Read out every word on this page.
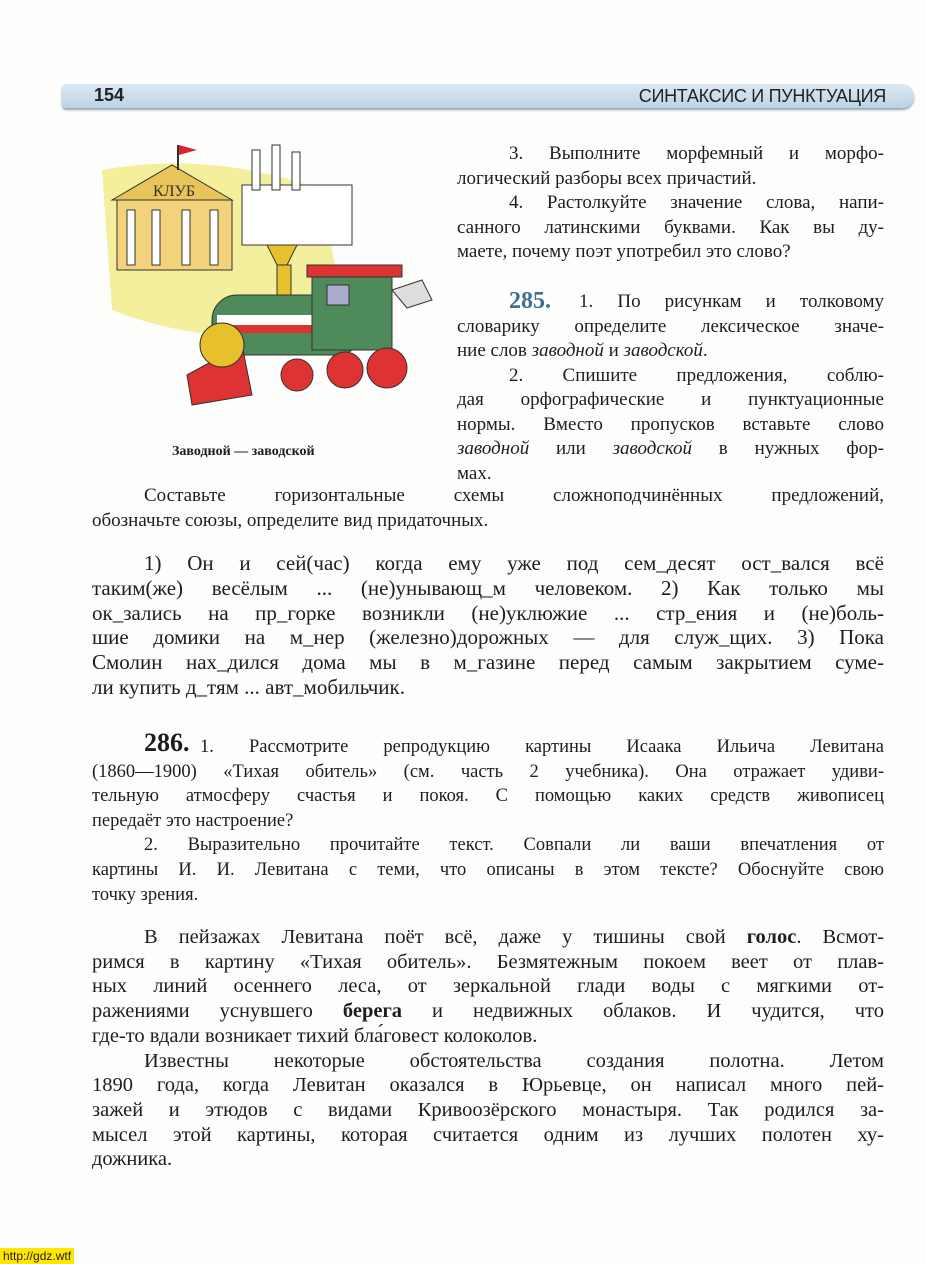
154	СИНТАКСИС И ПУНКТУАЦИЯ
КЛУБ
Заводной — заводской
3. Выполните морфемный и морфо-
логический разборы всех причастий.
4. Растолкуйте значение слова, напи-
санного латинскими буквами. Как вы ду-
маете, почему поэт употребил это слово?
285.	1. По рисункам и толковому
словарику определите лексическое значе-
ние слов заводной и заводской.
2. Спишите предложения, соблю-
дая орфографические и пунктуационные
нормы. Вместо пропусков вставьте слово
заводной или заводской в нужных фор-
мах.
Составьте горизонтальные схемы сложноподчинённых предложений,
обозначьте союзы, определите вид придаточных.
1) Он и сей(час) когда ему уже под сем_десят ост_вался всё
таким(же) весёлым ... (не)унывающ_м человеком. 2) Как только мы
ок_зались на пр_горке возникли (не)уклюжие ... стр_ения и (не)боль-
шие домики на м_нер (железно)дорожных — для служ_щих. 3) Пока
Смолин нах_дился дома мы в м_газине перед самым закрытием суме-
ли купить д_тям ... авт_мобильчик.
286. 1. Рассмотрите репродукцию картины Исаака Ильича Левитана
(1860—1900) «Тихая обитель» (см. часть 2 учебника). Она отражает удиви-
тельную атмосферу счастья и покоя. С помощью каких средств живописец
передаёт это настроение?
2. Выразительно прочитайте текст. Совпали ли ваши впечатления от
картины И. И. Левитана с теми, что описаны в этом тексте? Обоснуйте свою
точку зрения.
В пейзажах Левитана поёт всё, даже у тишины свой голос. Всмот-
римся в картину «Тихая обитель». Безмятежным покоем веет от плав-
ных линий осеннего леса, от зеркальной глади воды с мягкими от-
ражениями уснувшего берега и недвижных облаков. И чудится, что
где-то вдали возникает тихий бла́говест колоколов.
Известны некоторые обстоятельства создания полотна. Летом
1890 года, когда Левитан оказался в Юрьевце, он написал много пей-
зажей и этюдов с видами Кривоозёрского монастыря. Так родился за-
мысел этой картины, которая считается одним из лучших полотен ху-
дожника.
http://gdz.wtf
